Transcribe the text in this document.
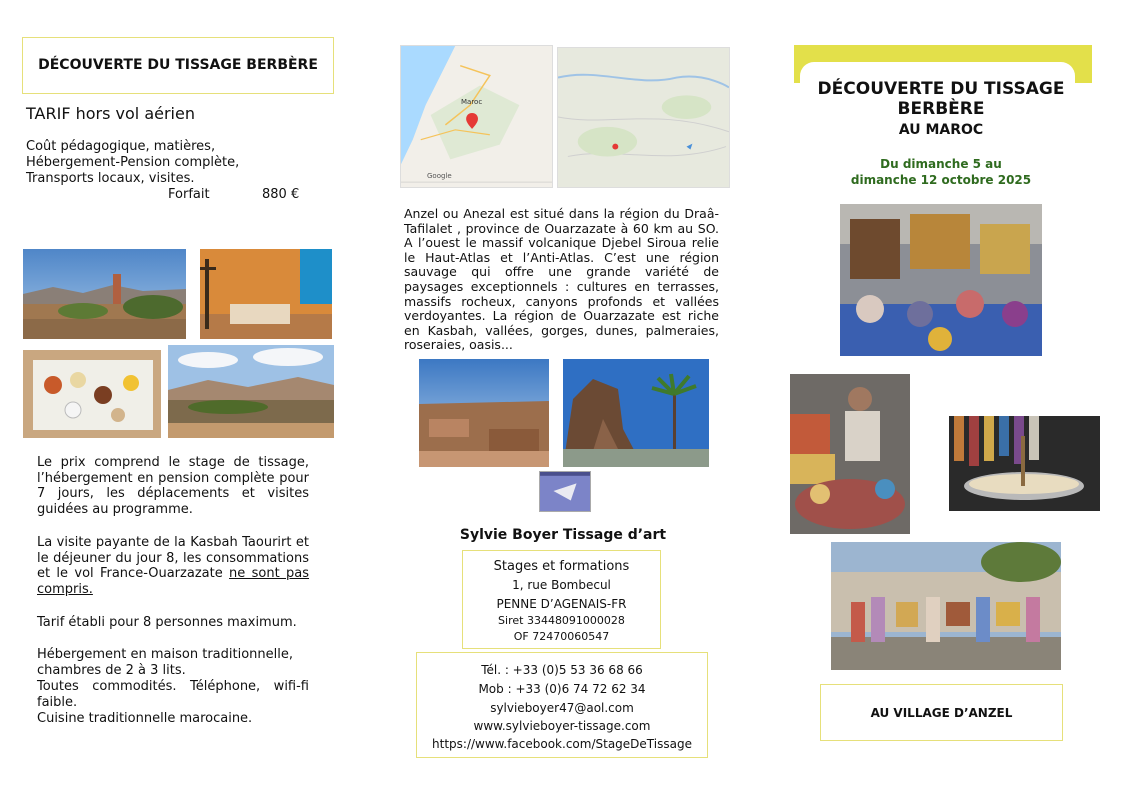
DÉCOUVERTE DU TISSAGE BERBÈRE
TARIF hors vol aérien
Coût pédagogique, matières,
Hébergement-Pension complète,
Transports locaux, visites.
Forfait	880 €
Le prix comprend le stage de tissage, l’hébergement en pension complète pour 7 jours, les déplacements et visites guidées au programme.
La visite payante de la Kasbah Taourirt et le déjeuner du jour 8, les consommations et le vol France-Ouarzazate ne sont pas compris.
Tarif établi pour 8 personnes maximum.
Hébergement en maison traditionnelle, chambres de 2 à 3 lits.
Toutes commodités. Téléphone, wifi-fi faible.
Cuisine traditionnelle marocaine.
Maroc
Google
Anzel ou Anezal est situé dans la région du Draâ-Tafilalet , province de Ouarzazate à 60 km au SO. A l’ouest le massif volcanique Djebel Siroua relie le Haut-Atlas et l’Anti-Atlas. C’est une région sauvage qui offre une grande variété de paysages exceptionnels : cultures en terrasses, massifs rocheux, canyons profonds et vallées verdoyantes. La région de Ouarzazate est riche en Kasbah, vallées, gorges, dunes, palmeraies, roseraies, oasis...
Sylvie Boyer Tissage d’art
Stages et formations
1, rue Bombecul
PENNE D’AGENAIS-FR
Siret 33448091000028
OF 72470060547
Tél. : +33 (0)5 53 36 68 66
Mob : +33 (0)6 74 72 62 34
sylvieboyer47@aol.com
www.sylvieboyer-tissage.com
https://www.facebook.com/StageDeTissage
DÉCOUVERTE DU TISSAGE
BERBÈRE
AU MAROC
Du dimanche 5 au
dimanche 12 octobre 2025
AU VILLAGE D’ANZEL
